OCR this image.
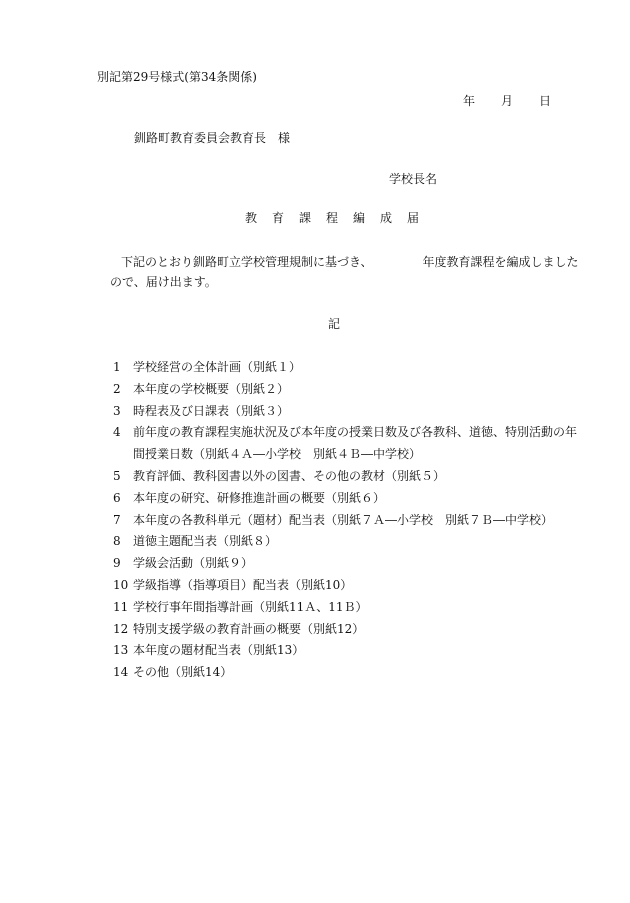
別記第29号様式(第34条関係)
年 月 日
釧路町教育委員会教育長　様
学校長名
教育課程編成届
下記のとおり釧路町立学校管理規制に基づき、	年度教育課程を編成しました
ので、届け出ます。
記
1 学校経営の全体計画（別紙１）
2 本年度の学校概要（別紙２）
3 時程表及び日課表（別紙３）
4 前年度の教育課程実施状況及び本年度の授業日数及び各教科、道徳、特別活動の年
間授業日数（別紙４Ａ―小学校　別紙４Ｂ―中学校）
5 教育評価、教科図書以外の図書、その他の教材（別紙５）
6 本年度の研究、研修推進計画の概要（別紙６）
7 本年度の各教科単元（題材）配当表（別紙７Ａ―小学校　別紙７Ｂ―中学校）
8 道徳主題配当表（別紙８）
9 学級会活動（別紙９）
10 学級指導（指導項目）配当表（別紙10）
11 学校行事年間指導計画（別紙11Ａ、11Ｂ）
12 特別支援学級の教育計画の概要（別紙12）
13 本年度の題材配当表（別紙13）
14 その他（別紙14）
